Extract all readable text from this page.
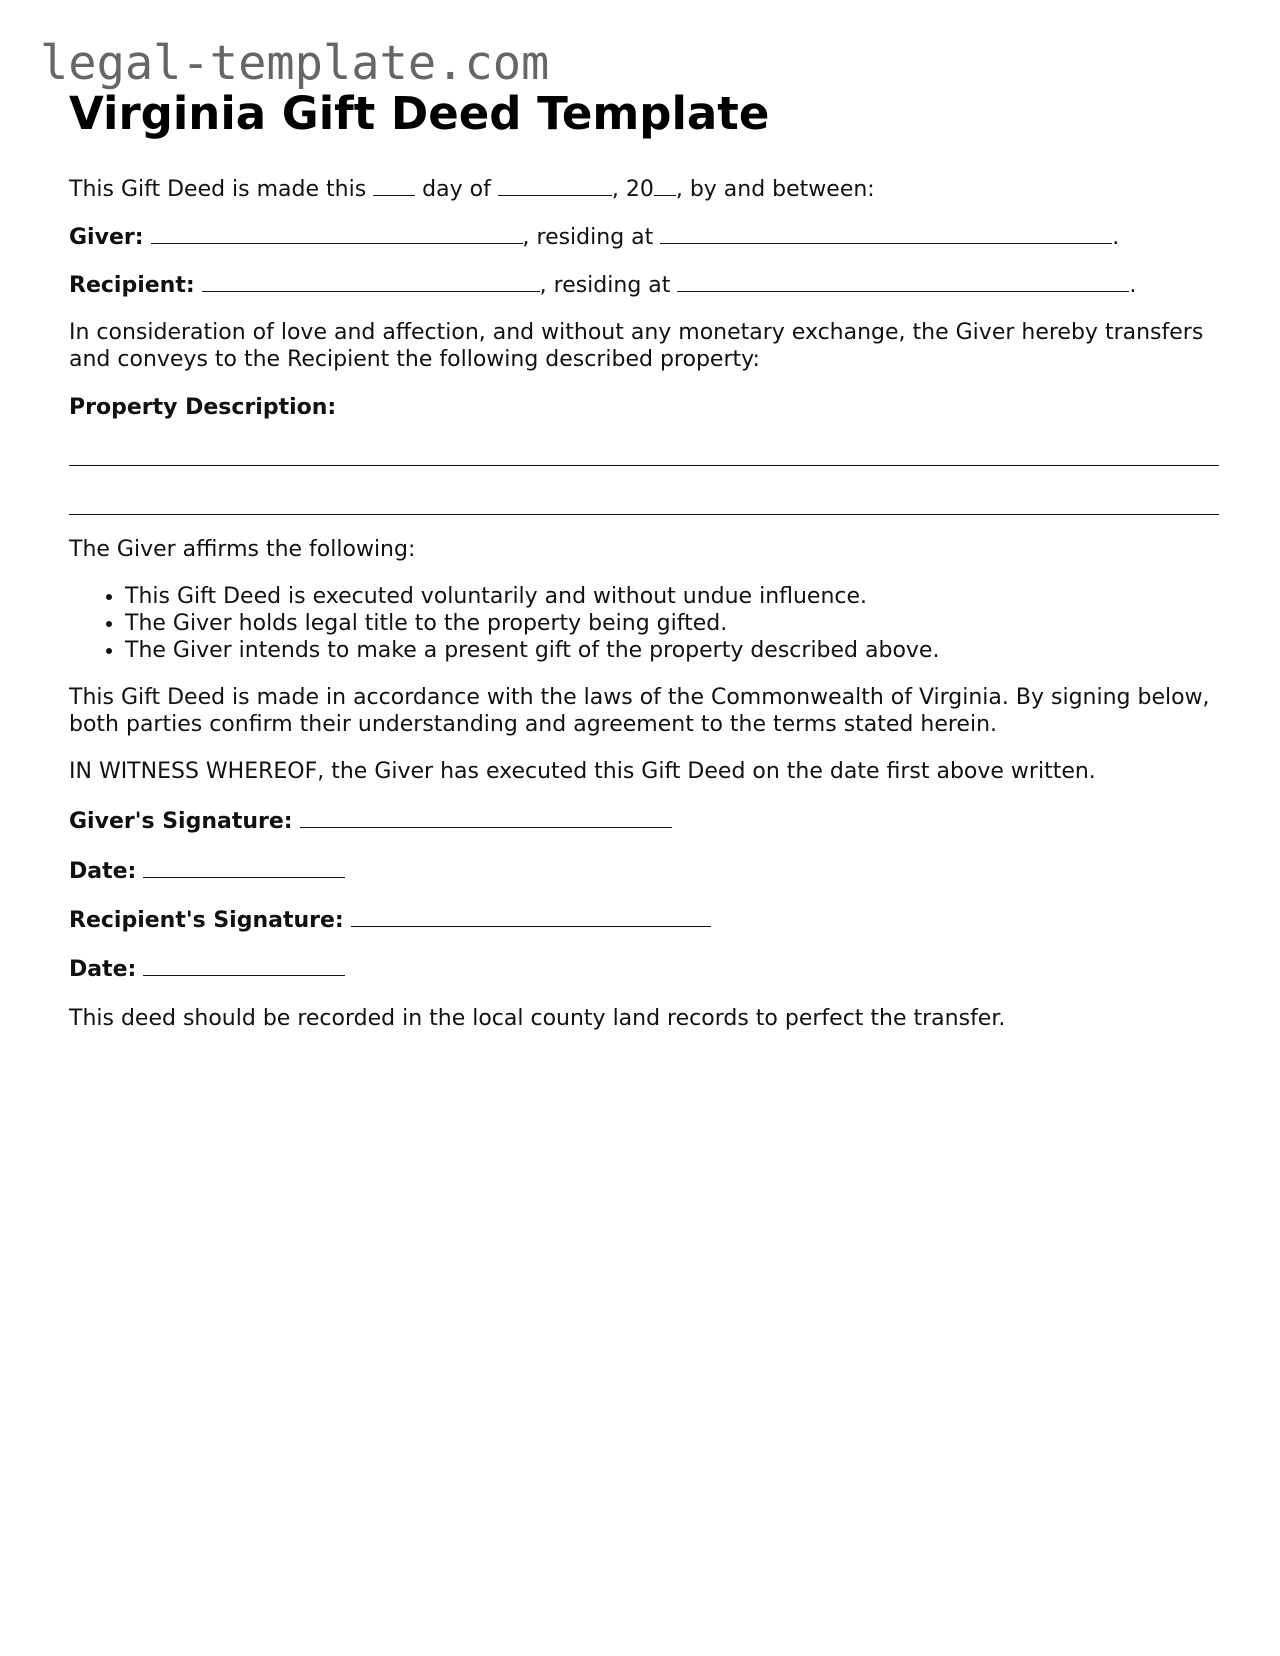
legal-template.com
Virginia Gift Deed Template

This Gift Deed is made this	day of	, 20 , by and between:

Giver:	, residing at	.

Recipient:	, residing at	.

In consideration of love and affection, and without any monetary exchange, the Giver hereby transfers and conveys to the Recipient the following described property:

Property Description:

The Giver affirms the following:

• This Gift Deed is executed voluntarily and without undue influence.
• The Giver holds legal title to the property being gifted.
• The Giver intends to make a present gift of the property described above.

This Gift Deed is made in accordance with the laws of the Commonwealth of Virginia. By signing below, both parties confirm their understanding and agreement to the terms stated herein.

IN WITNESS WHEREOF, the Giver has executed this Gift Deed on the date first above written.

Giver's Signature:

Date:

Recipient's Signature:

Date:

This deed should be recorded in the local county land records to perfect the transfer.
